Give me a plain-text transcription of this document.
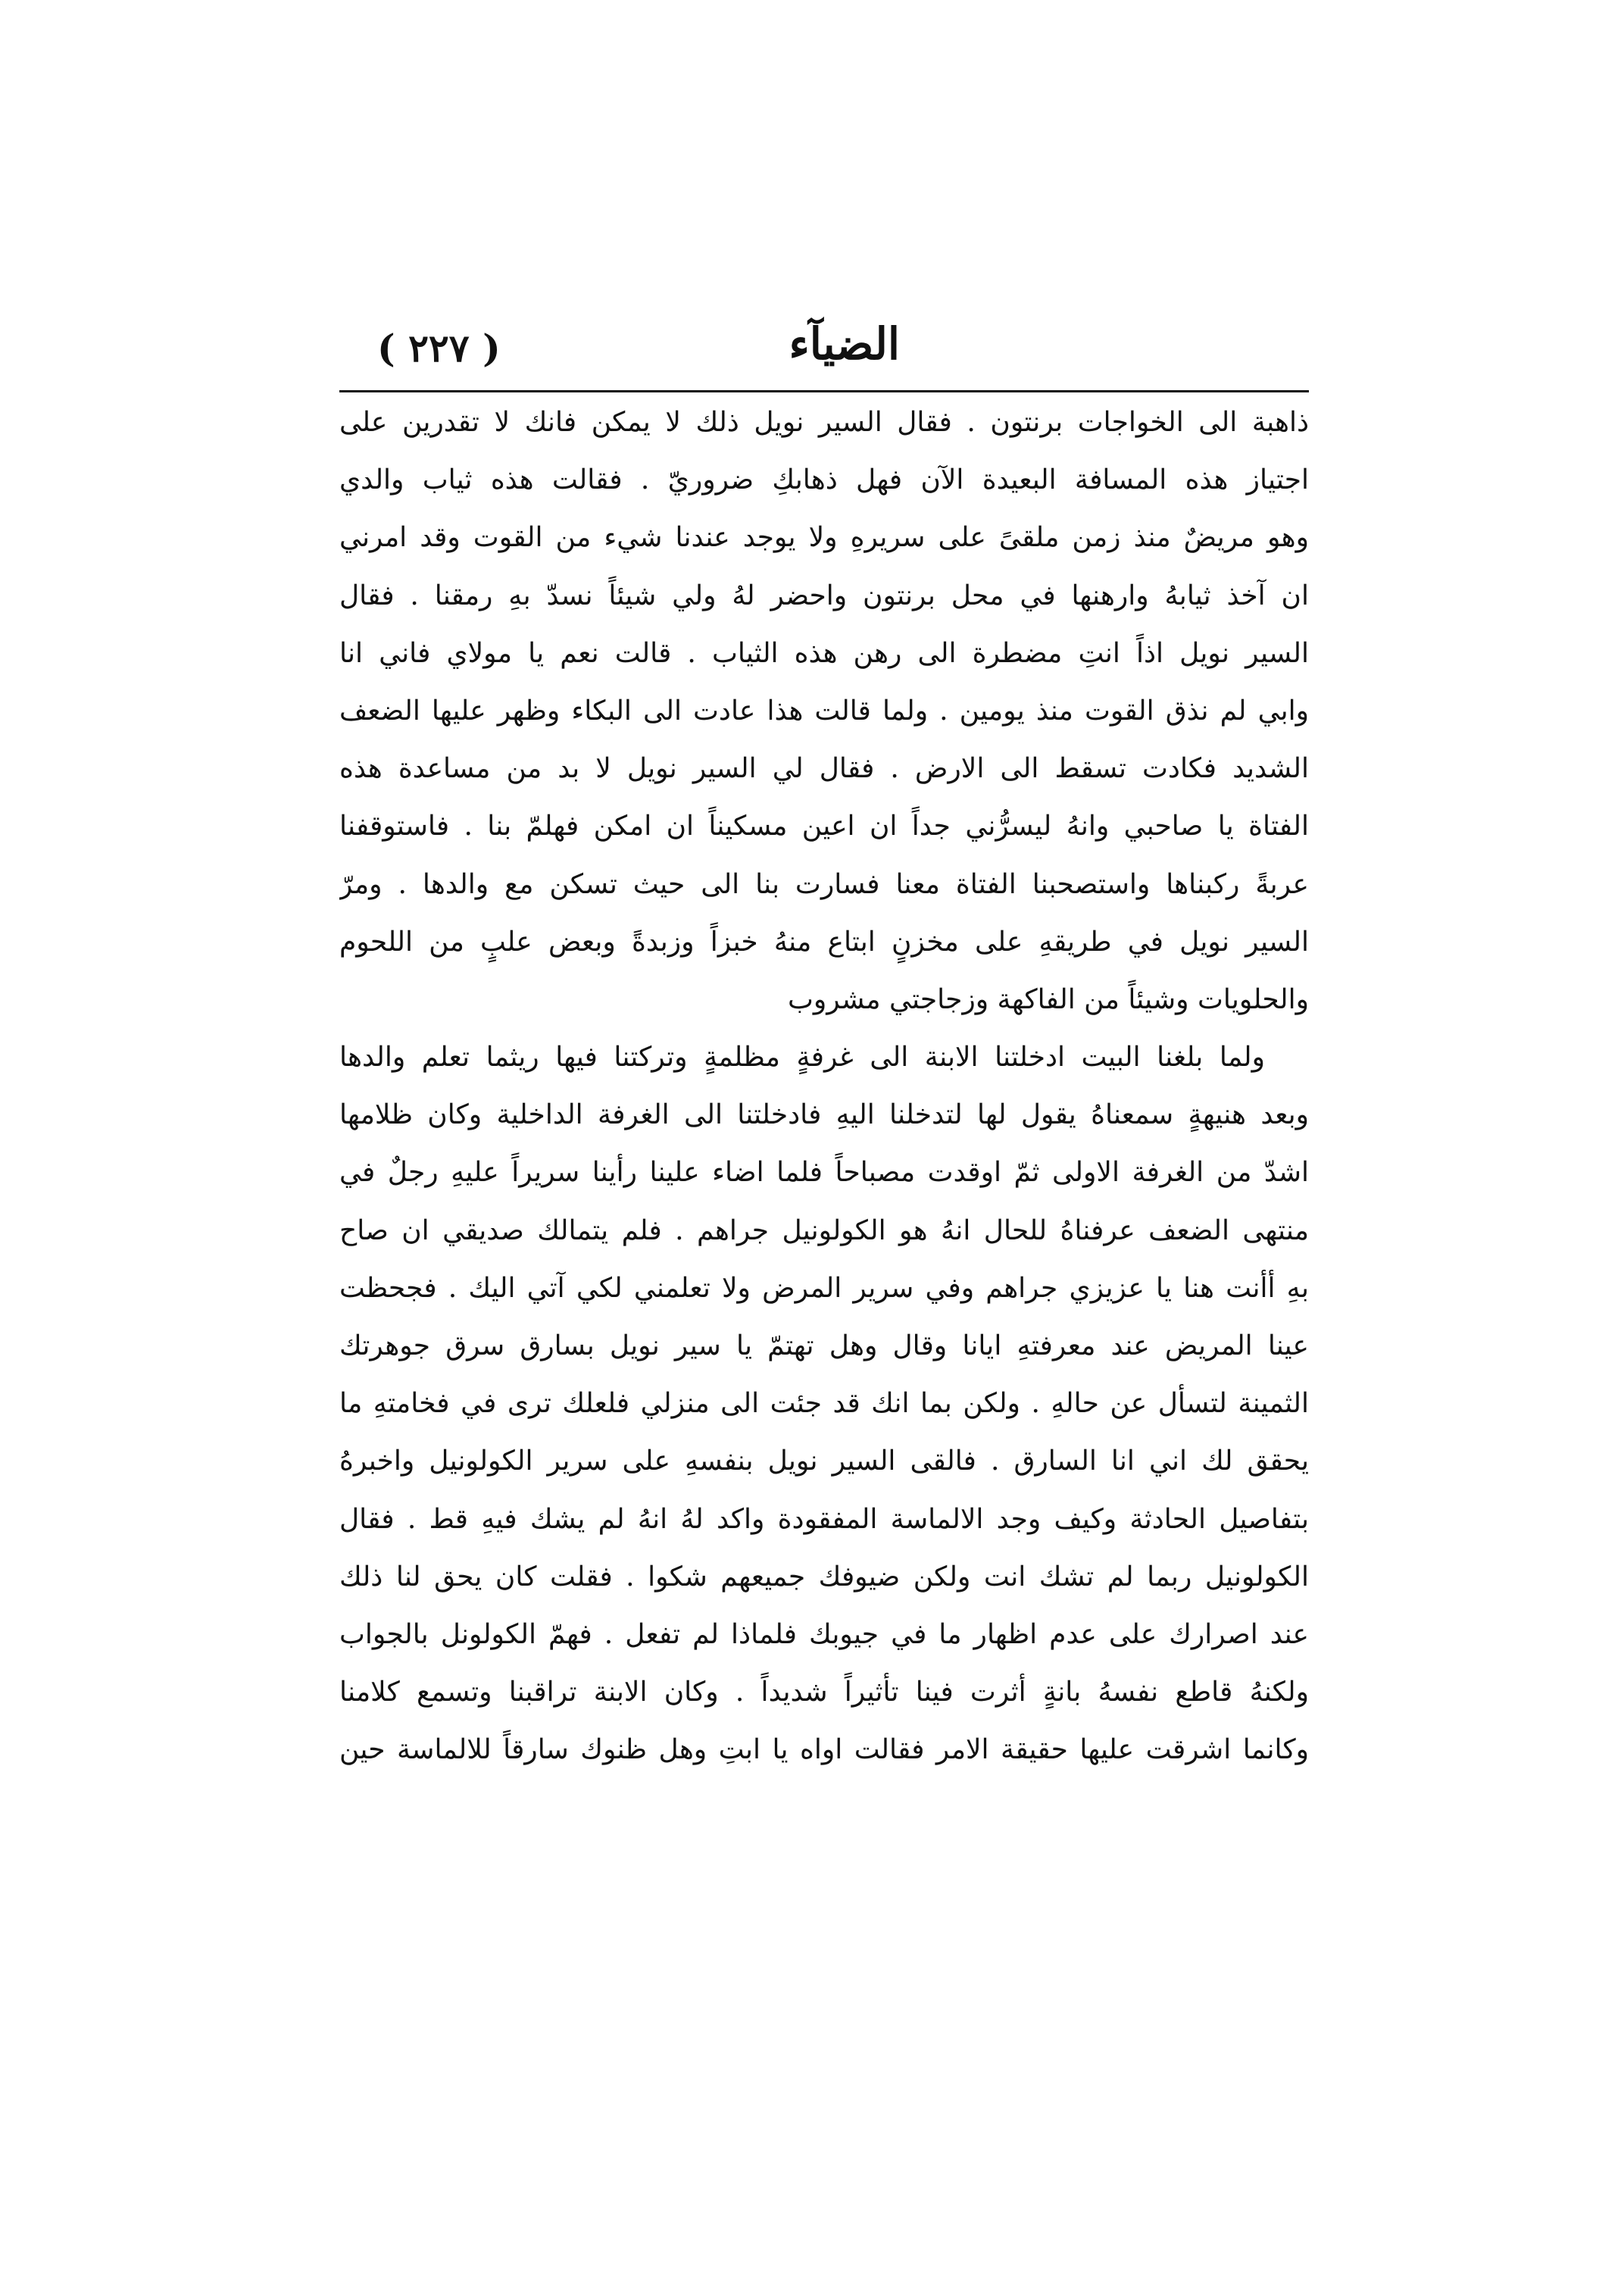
الضيآء
( ٢٢٧ )
ذاهبة الى الخواجات برنتون . فقال السير نويل ذلك لا يمكن فانك لا تقدرين على
اجتياز هذه المسافة البعيدة الآن فهل ذهابكِ ضروريّ . فقالت هذه ثياب والدي
وهو مريضٌ منذ زمن ملقىً على سريرهِ ولا يوجد عندنا شيء من القوت وقد امرني
ان آخذ ثيابهُ وارهنها في محل برنتون واحضر لهُ ولي شيئاً نسدّ بهِ رمقنا . فقال
السير نويل اذاً انتِ مضطرة الى رهن هذه الثياب . قالت نعم يا مولاي فاني انا
وابي لم نذق القوت منذ يومين . ولما قالت هذا عادت الى البكاء وظهر عليها الضعف
الشديد فكادت تسقط الى الارض . فقال لي السير نويل لا بد من مساعدة هذه
الفتاة يا صاحبي وانهُ ليسرُّني جداً ان اعين مسكيناً ان امكن فهلمّ بنا . فاستوقفنا
عربةً ركبناها واستصحبنا الفتاة معنا فسارت بنا الى حيث تسكن مع والدها . ومرّ
السير نويل في طريقهِ على مخزنٍ ابتاع منهُ خبزاً وزبدةً وبعض علبٍ من اللحوم
والحلويات وشيئاً من الفاكهة وزجاجتي مشروب
ولما بلغنا البيت ادخلتنا الابنة الى غرفةٍ مظلمةٍ وتركتنا فيها ريثما تعلم والدها
وبعد هنيهةٍ سمعناهُ يقول لها لتدخلنا اليهِ فادخلتنا الى الغرفة الداخلية وكان ظلامها
اشدّ من الغرفة الاولى ثمّ اوقدت مصباحاً فلما اضاء علينا رأينا سريراً عليهِ رجلٌ في
منتهى الضعف عرفناهُ للحال انهُ هو الكولونيل جراهم . فلم يتمالك صديقي ان صاح
بهِ أأنت هنا يا عزيزي جراهم وفي سرير المرض ولا تعلمني لكي آتي اليك . فجحظت
عينا المريض عند معرفتهِ ايانا وقال وهل تهتمّ يا سير نويل بسارق سرق جوهرتك
الثمينة لتسأل عن حالهِ . ولكن بما انك قد جئت الى منزلي فلعلك ترى في فخامتهِ ما
يحقق لك اني انا السارق . فالقى السير نويل بنفسهِ على سرير الكولونيل واخبرهُ
بتفاصيل الحادثة وكيف وجد الالماسة المفقودة واكد لهُ انهُ لم يشك فيهِ قط . فقال
الكولونيل ربما لم تشك انت ولكن ضيوفك جميعهم شكوا . فقلت كان يحق لنا ذلك
عند اصرارك على عدم اظهار ما في جيوبك فلماذا لم تفعل . فهمّ الكولونل بالجواب
ولكنهُ قاطع نفسهُ بانةٍ أثرت فينا تأثيراً شديداً . وكان الابنة تراقبنا وتسمع كلامنا
وكانما اشرقت عليها حقيقة الامر فقالت اواه يا ابتِ وهل ظنوك سارقاً للالماسة حين
